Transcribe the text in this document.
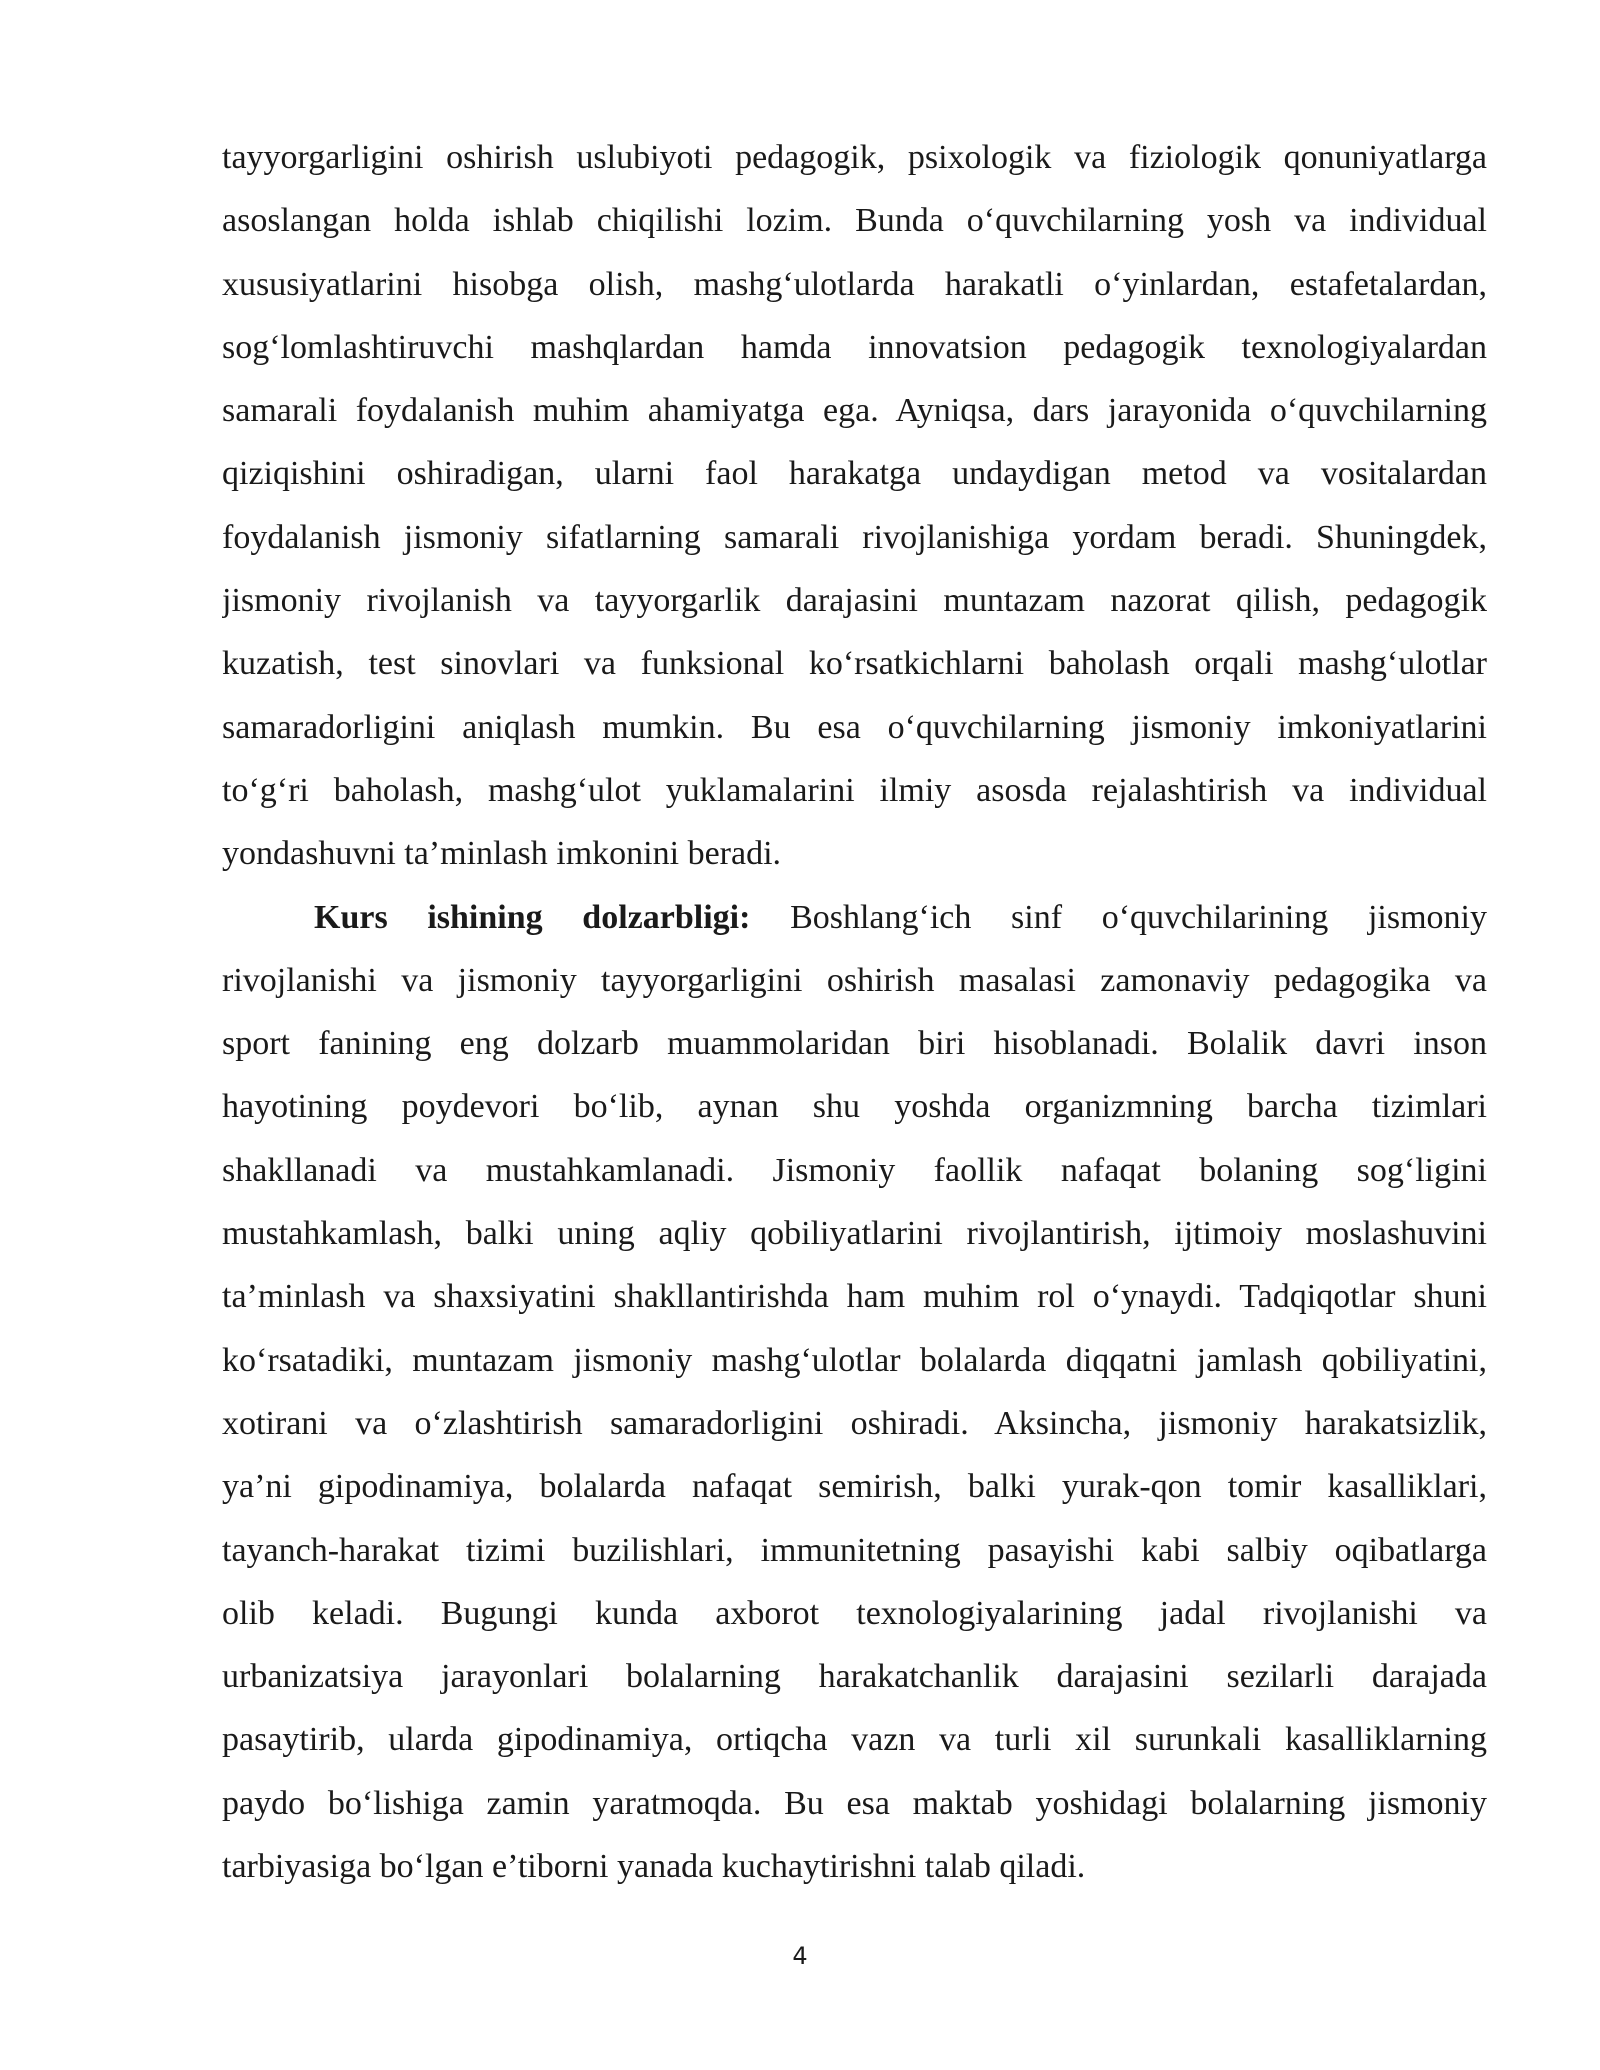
tayyorgarligini oshirish uslubiyoti pedagogik, psixologik va fiziologik qonuniyatlarga
asoslangan holda ishlab chiqilishi lozim. Bunda o‘quvchilarning yosh va individual
xususiyatlarini hisobga olish, mashg‘ulotlarda harakatli o‘yinlardan, estafetalardan,
sog‘lomlashtiruvchi mashqlardan hamda innovatsion pedagogik texnologiyalardan
samarali foydalanish muhim ahamiyatga ega. Ayniqsa, dars jarayonida o‘quvchilarning
qiziqishini oshiradigan, ularni faol harakatga undaydigan metod va vositalardan
foydalanish jismoniy sifatlarning samarali rivojlanishiga yordam beradi. Shuningdek,
jismoniy rivojlanish va tayyorgarlik darajasini muntazam nazorat qilish, pedagogik
kuzatish, test sinovlari va funksional ko‘rsatkichlarni baholash orqali mashg‘ulotlar
samaradorligini aniqlash mumkin. Bu esa o‘quvchilarning jismoniy imkoniyatlarini
to‘g‘ri baholash, mashg‘ulot yuklamalarini ilmiy asosda rejalashtirish va individual
yondashuvni ta’minlash imkonini beradi.
Kurs ishining dolzarbligi: Boshlang‘ich sinf o‘quvchilarining jismoniy
rivojlanishi va jismoniy tayyorgarligini oshirish masalasi zamonaviy pedagogika va
sport fanining eng dolzarb muammolaridan biri hisoblanadi. Bolalik davri inson
hayotining poydevori bo‘lib, aynan shu yoshda organizmning barcha tizimlari
shakllanadi va mustahkamlanadi. Jismoniy faollik nafaqat bolaning sog‘ligini
mustahkamlash, balki uning aqliy qobiliyatlarini rivojlantirish, ijtimoiy moslashuvini
ta’minlash va shaxsiyatini shakllantirishda ham muhim rol o‘ynaydi. Tadqiqotlar shuni
ko‘rsatadiki, muntazam jismoniy mashg‘ulotlar bolalarda diqqatni jamlash qobiliyatini,
xotirani va o‘zlashtirish samaradorligini oshiradi. Aksincha, jismoniy harakatsizlik,
ya’ni gipodinamiya, bolalarda nafaqat semirish, balki yurak-qon tomir kasalliklari,
tayanch-harakat tizimi buzilishlari, immunitetning pasayishi kabi salbiy oqibatlarga
olib keladi. Bugungi kunda axborot texnologiyalarining jadal rivojlanishi va
urbanizatsiya jarayonlari bolalarning harakatchanlik darajasini sezilarli darajada
pasaytirib, ularda gipodinamiya, ortiqcha vazn va turli xil surunkali kasalliklarning
paydo bo‘lishiga zamin yaratmoqda. Bu esa maktab yoshidagi bolalarning jismoniy
tarbiyasiga bo‘lgan e’tiborni yanada kuchaytirishni talab qiladi.
4
